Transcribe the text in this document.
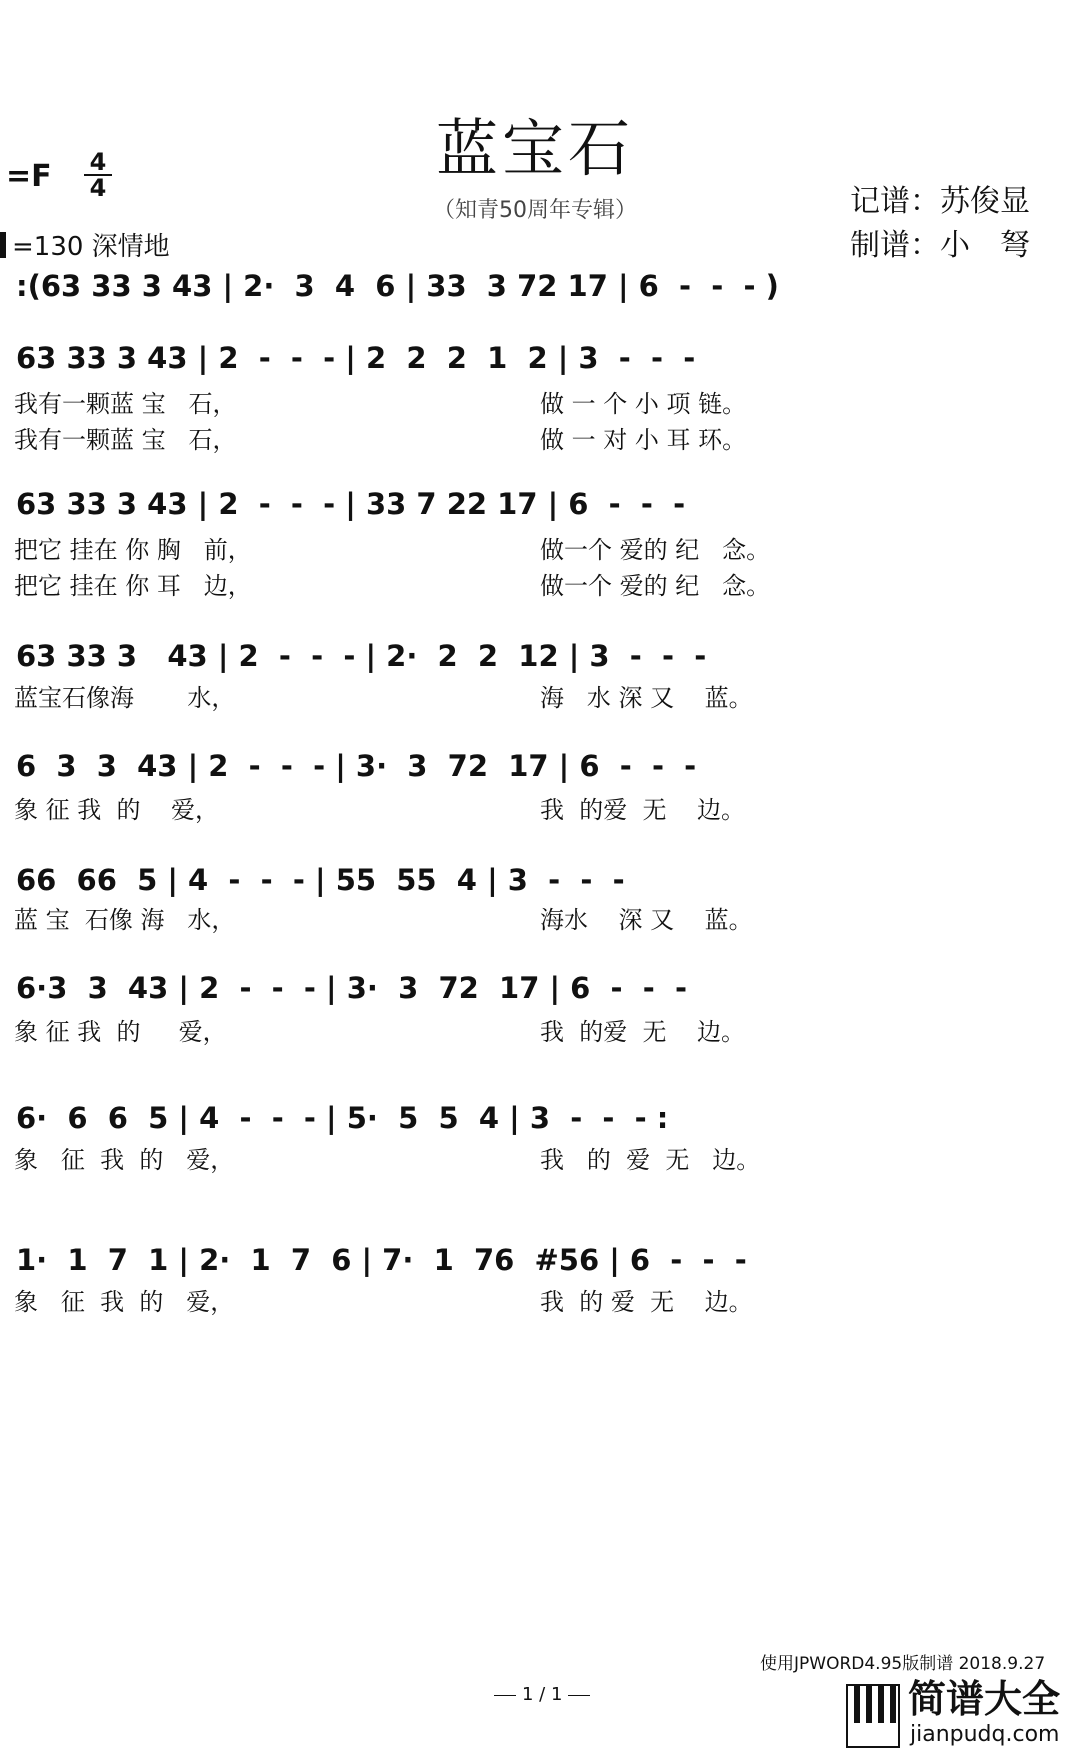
蓝宝石
（知青50周年专辑）
=F 4
4
=130 深情地
记谱：苏俊显
制谱：小　弩
:(63 33 3 43 | 2·  3  4  6 | 33  3 72 17 | 6  -  -  - )
63 33 3 43 | 2  -  -  - | 2  2  2  1  2 | 3  -  -  -
我有一颗蓝 宝   石，
我有一颗蓝 宝   石，
做 一 个 小 项 链。
做 一 对 小 耳 环。
63 33 3 43 | 2  -  -  - | 33 7 22 17 | 6  -  -  -
把它 挂在 你 胸   前，
把它 挂在 你 耳   边，
做一个 爱的 纪   念。
做一个 爱的 纪   念。
63 33 3   43 | 2  -  -  - | 2·  2  2  12 | 3  -  -  -
蓝宝石像海       水，	海   水 深 又    蓝。
6  3  3  43 | 2  -  -  - | 3·  3  72  17 | 6  -  -  -
象 征 我  的    爱，	我  的爱  无    边。
66  66  5 | 4  -  -  - | 55  55  4 | 3  -  -  -
蓝 宝  石像 海   水，	海水    深 又    蓝。
6·3  3  43 | 2  -  -  - | 3·  3  72  17 | 6  -  -  -
象 征 我  的     爱，	我  的爱  无    边。
6·  6  6  5 | 4  -  -  - | 5·  5  5  4 | 3  -  -  - :
象   征  我  的   爱，	我   的  爱  无   边。
1·  1  7  1 | 2·  1  7  6 | 7·  1  76  #56 | 6  -  -  -
象   征  我  的   爱，	我  的 爱  无    边。
使用JPWORD4.95版制谱 2018.9.27
1 / 1	简谱大全
jianpudq.com
